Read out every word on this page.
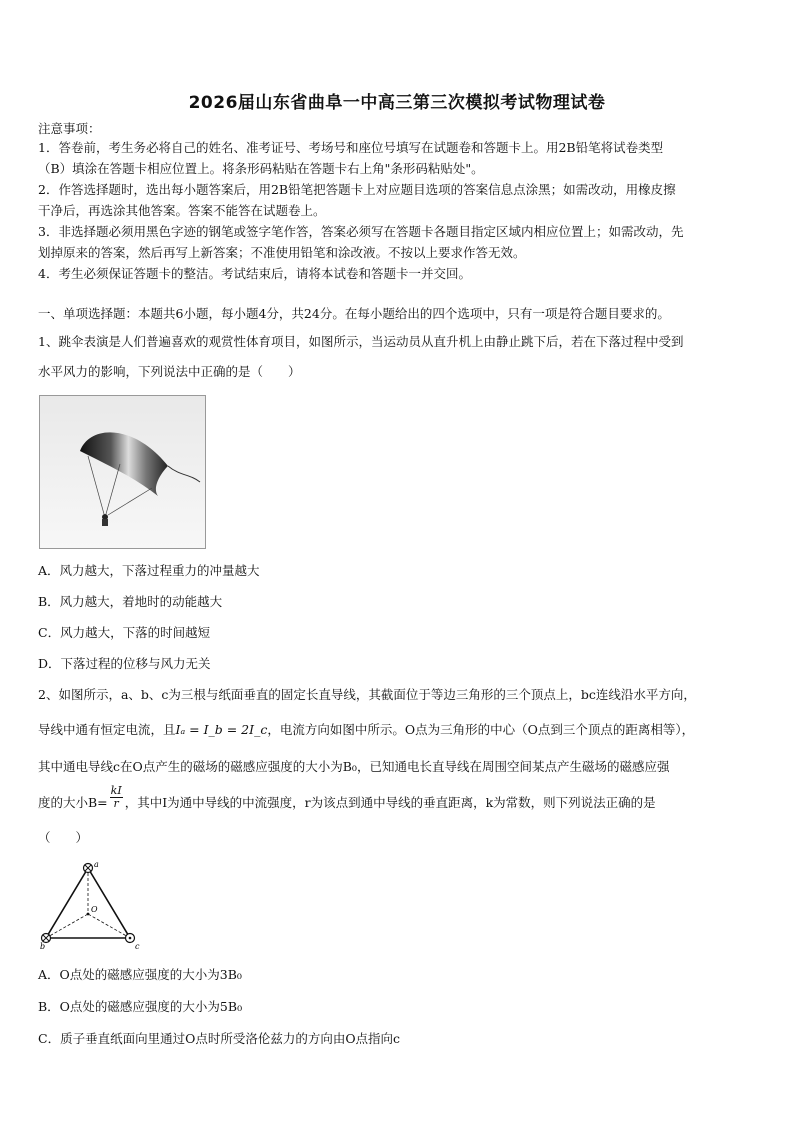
2026届山东省曲阜一中高三第三次模拟考试物理试卷
注意事项：
1．答卷前，考生务必将自己的姓名、准考证号、考场号和座位号填写在试题卷和答题卡上。用2B铅笔将试卷类型
（B）填涂在答题卡相应位置上。将条形码粘贴在答题卡右上角"条形码粘贴处"。
2．作答选择题时，选出每小题答案后，用2B铅笔把答题卡上对应题目选项的答案信息点涂黑；如需改动，用橡皮擦
干净后，再选涂其他答案。答案不能答在试题卷上。
3．非选择题必须用黑色字迹的钢笔或签字笔作答，答案必须写在答题卡各题目指定区域内相应位置上；如需改动，先
划掉原来的答案，然后再写上新答案；不准使用铅笔和涂改液。不按以上要求作答无效。
4．考生必须保证答题卡的整洁。考试结束后，请将本试卷和答题卡一并交回。
一、单项选择题：本题共6小题，每小题4分，共24分。在每小题给出的四个选项中，只有一项是符合题目要求的。
1、跳伞表演是人们普遍喜欢的观赏性体育项目，如图所示，当运动员从直升机上由静止跳下后，若在下落过程中受到
水平风力的影响，下列说法中正确的是（　　）
A．风力越大，下落过程重力的冲量越大
B．风力越大，着地时的动能越大
C．风力越大，下落的时间越短
D．下落过程的位移与风力无关
2、如图所示，a、b、c为三根与纸面垂直的固定长直导线，其截面位于等边三角形的三个顶点上，bc连线沿水平方向，
导线中通有恒定电流，且Iₐ = I_b = 2I_c，电流方向如图中所示。O点为三角形的中心（O点到三个顶点的距离相等），
其中通电导线c在O点产生的磁场的磁感应强度的大小为B₀，已知通电长直导线在周围空间某点产生磁场的磁感应强
度的大小$B= \frac{kI}{r}$ ，其中I为通中导线的中流强度，r为该点到通中导线的垂直距离，k为常数，则下列说法正确的是
（　　）
a
b	c
O
A．O点处的磁感应强度的大小为3B₀
B．O点处的磁感应强度的大小为5B₀
C．质子垂直纸面向里通过O点时所受洛伦兹力的方向由O点指向c
